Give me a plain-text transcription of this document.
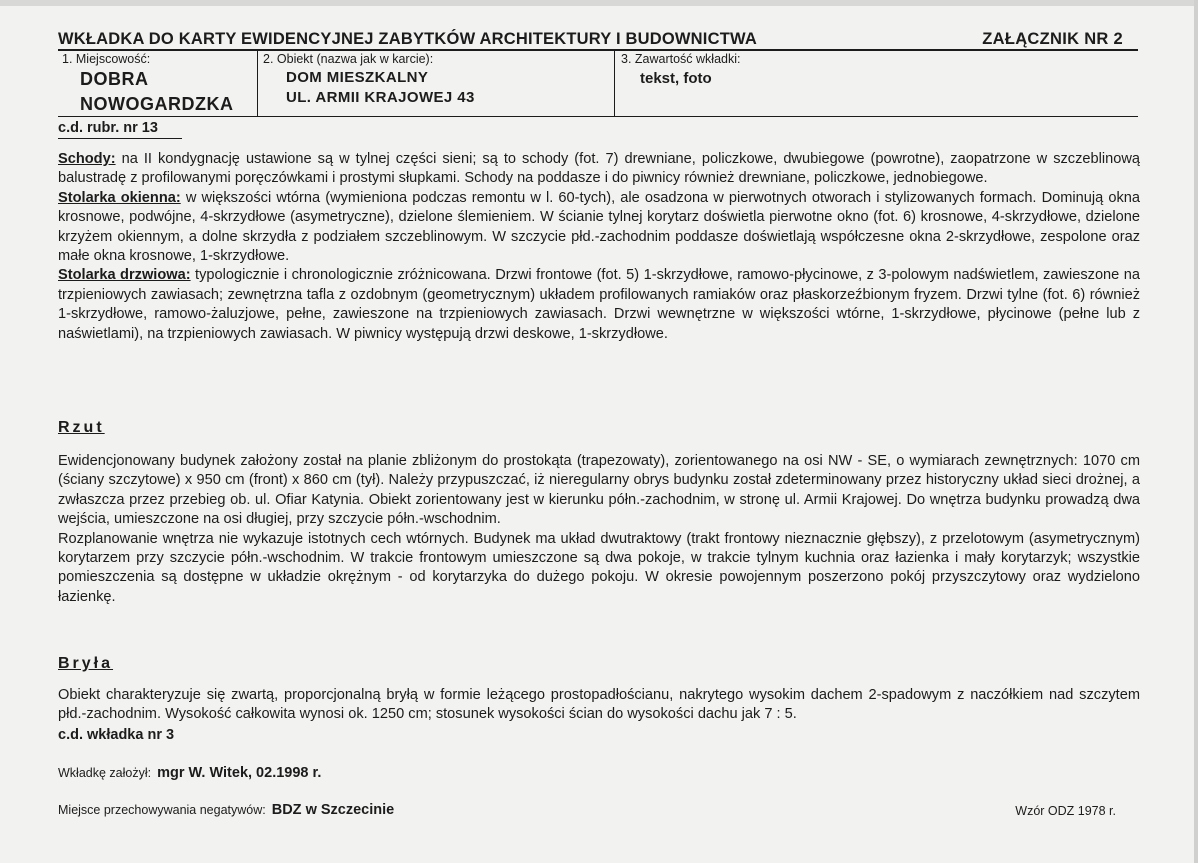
WKŁADKA DO KARTY EWIDENCYJNEJ ZABYTKÓW ARCHITEKTURY I BUDOWNICTWA	ZAŁĄCZNIK NR 2
1. Miejscowość:
DOBRA
NOWOGARDZKA
2. Obiekt (nazwa jak w karcie):
DOM MIESZKALNY
UL. ARMII KRAJOWEJ 43
3. Zawartość wkładki:
tekst, foto
c.d. rubr. nr 13

Schody: na II kondygnację ustawione są w tylnej części sieni; są to schody (fot. 7) drewniane, policzkowe, dwubiegowe (powrotne), zaopatrzone w szczeblinową balustradę z profilowanymi poręczówkami i prostymi słupkami. Schody na poddasze i do piwnicy również drewniane, policzkowe, jednobiegowe.

Stolarka okienna: w większości wtórna (wymieniona podczas remontu w l. 60-tych), ale osadzona w pierwotnych otworach i stylizowanych formach. Dominują okna krosnowe, podwójne, 4-skrzydłowe (asymetryczne), dzielone ślemieniem. W ścianie tylnej korytarz doświetla pierwotne okno (fot. 6) krosnowe, 4-skrzydłowe, dzielone krzyżem okiennym, a dolne skrzydła z podziałem szczeblinowym. W szczycie płd.-zachodnim poddasze doświetlają współczesne okna 2-skrzydłowe, zespolone oraz małe okna krosnowe, 1-skrzydłowe.

Stolarka drzwiowa: typologicznie i chronologicznie zróżnicowana. Drzwi frontowe (fot. 5) 1-skrzydłowe, ramowo-płycinowe, z 3-polowym nadświetlem, zawieszone na trzpieniowych zawiasach; zewnętrzna tafla z ozdobnym (geometrycznym) układem profilowanych ramiaków oraz płaskorzeźbionym fryzem. Drzwi tylne (fot. 6) również 1-skrzydłowe, ramowo-żaluzjowe, pełne, zawieszone na trzpieniowych zawiasach. Drzwi wewnętrzne w większości wtórne, 1-skrzydłowe, płycinowe (pełne lub z naświetlami), na trzpieniowych zawiasach. W piwnicy występują drzwi deskowe, 1-skrzydłowe.

Rzut

Ewidencjonowany budynek założony został na planie zbliżonym do prostokąta (trapezowaty), zorientowanego na osi NW - SE, o wymiarach zewnętrznych: 1070 cm (ściany szczytowe) x 950 cm (front) x 860 cm (tył). Należy przypuszczać, iż nieregularny obrys budynku został zdeterminowany przez historyczny układ sieci drożnej, a zwłaszcza przez przebieg ob. ul. Ofiar Katynia. Obiekt zorientowany jest w kierunku półn.-zachodnim, w stronę ul. Armii Krajowej. Do wnętrza budynku prowadzą dwa wejścia, umieszczone na osi długiej, przy szczycie półn.-wschodnim.

Rozplanowanie wnętrza nie wykazuje istotnych cech wtórnych. Budynek ma układ dwutraktowy (trakt frontowy nieznacznie głębszy), z przelotowym (asymetrycznym) korytarzem przy szczycie półn.-wschodnim. W trakcie frontowym umieszczone są dwa pokoje, w trakcie tylnym kuchnia oraz łazienka i mały korytarzyk; wszystkie pomieszczenia są dostępne w układzie okrężnym - od korytarzyka do dużego pokoju. W okresie powojennym poszerzono pokój przyszczytowy oraz wydzielono łazienkę.

Bryła

Obiekt charakteryzuje się zwartą, proporcjonalną bryłą w formie leżącego prostopadłościanu, nakrytego wysokim dachem 2-spadowym z naczółkiem nad szczytem płd.-zachodnim. Wysokość całkowita wynosi ok. 1250 cm; stosunek wysokości ścian do wysokości dachu jak 7 : 5.

c.d. wkładka nr 3
Wkładkę założył: mgr W. Witek, 02.1998 r.
Miejsce przechowywania negatywów: BDZ w Szczecinie	Wzór ODZ 1978 r.
